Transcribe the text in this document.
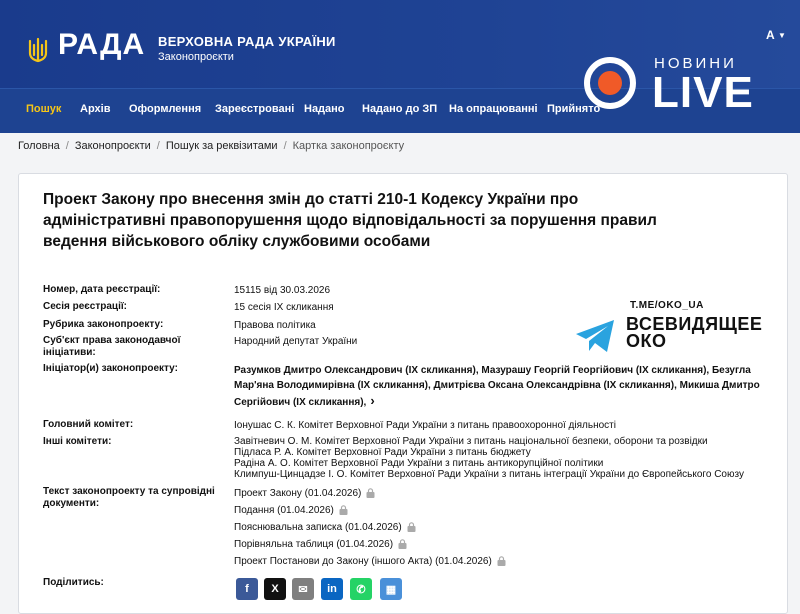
РАДА ВЕРХОВНА РАДА УКРАЇНИ
Законопроєкти
А ▼
Пошук Архів Оформлення Зареєстровані Надано Надано до ЗП На опрацюванні Прийнято
НОВИНИ
LIVE
Головна / Законопроєкти / Пошук за реквізитами / Картка законопроєкту
Проект Закону про внесення змін до статті 210-1 Кодексу України про адміністративні правопорушення щодо відповідальності за порушення правил ведення військового обліку службовими особами
Номер, дата реєстрації:	15115 від 30.03.2026
Сесія реєстрації:	15 сесія IX скликання
Рубрика законопроекту:	Правова політика
Суб'єкт права законодавчої ініціативи:
Народний депутат України
Ініціатор(и) законопроекту:	Разумков Дмитро Олександрович (IX скликання), Мазурашу Георгій Георгійович (IX скликання), Безугла Мар'яна Володимирівна (IX скликання), Дмитрієва Оксана Олександрівна (IX скликання), Микиша Дмитро Сергійович (IX скликання), ›
Головний комітет:	Іонушас С. К. Комітет Верховної Ради України з питань правоохоронної діяльності
Інші комітети:	Завітневич О. М. Комітет Верховної Ради України з питань національної безпеки, оборони та розвідки
Підласа Р. А. Комітет Верховної Ради України з питань бюджету
Радіна А. О. Комітет Верховної Ради України з питань антикорупційної політики
Климпуш-Цинцадзе І. О. Комітет Верховної Ради України з питань інтеграції України до Європейського Союзу
Текст законопроекту та супровідні документи:
Проект Закону (01.04.2026)
Подання (01.04.2026)
Пояснювальна записка (01.04.2026)
Порівняльна таблиця (01.04.2026)
Проект Постанови до Закону (іншого Акта) (01.04.2026)
Поділитись:
f	X	✉	in	✆	▦
T.ME/OKO_UA
ВСЕВИДЯЩЕЕ
ОКО
